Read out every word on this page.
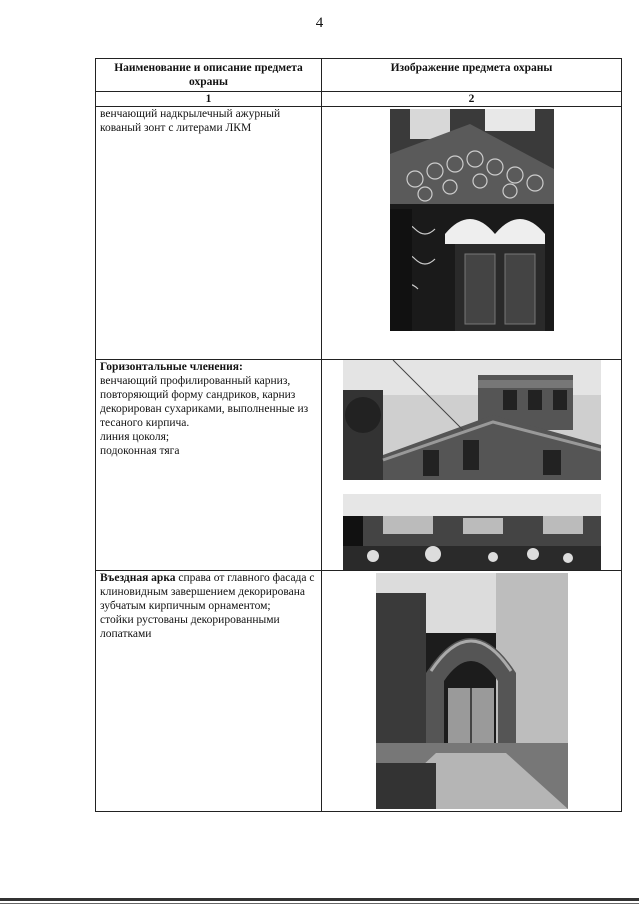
4
Наименование и описание предмета охраны	Изображение предмета охраны
1	2

венчающий надкрылечный ажурный кованый зонт с литерами ЛКМ

Горизонтальные членения:

венчающий профилированный карниз, повторяющий форму сандриков, карниз декорирован сухариками, выполненные из тесаного кирпича.

линия цоколя;

подоконная тяга

Въездная арка справа от главного фасада с клиновидным завершением декорирована зубчатым кирпичным орнаментом;

стойки рустованы декорированными лопатками
